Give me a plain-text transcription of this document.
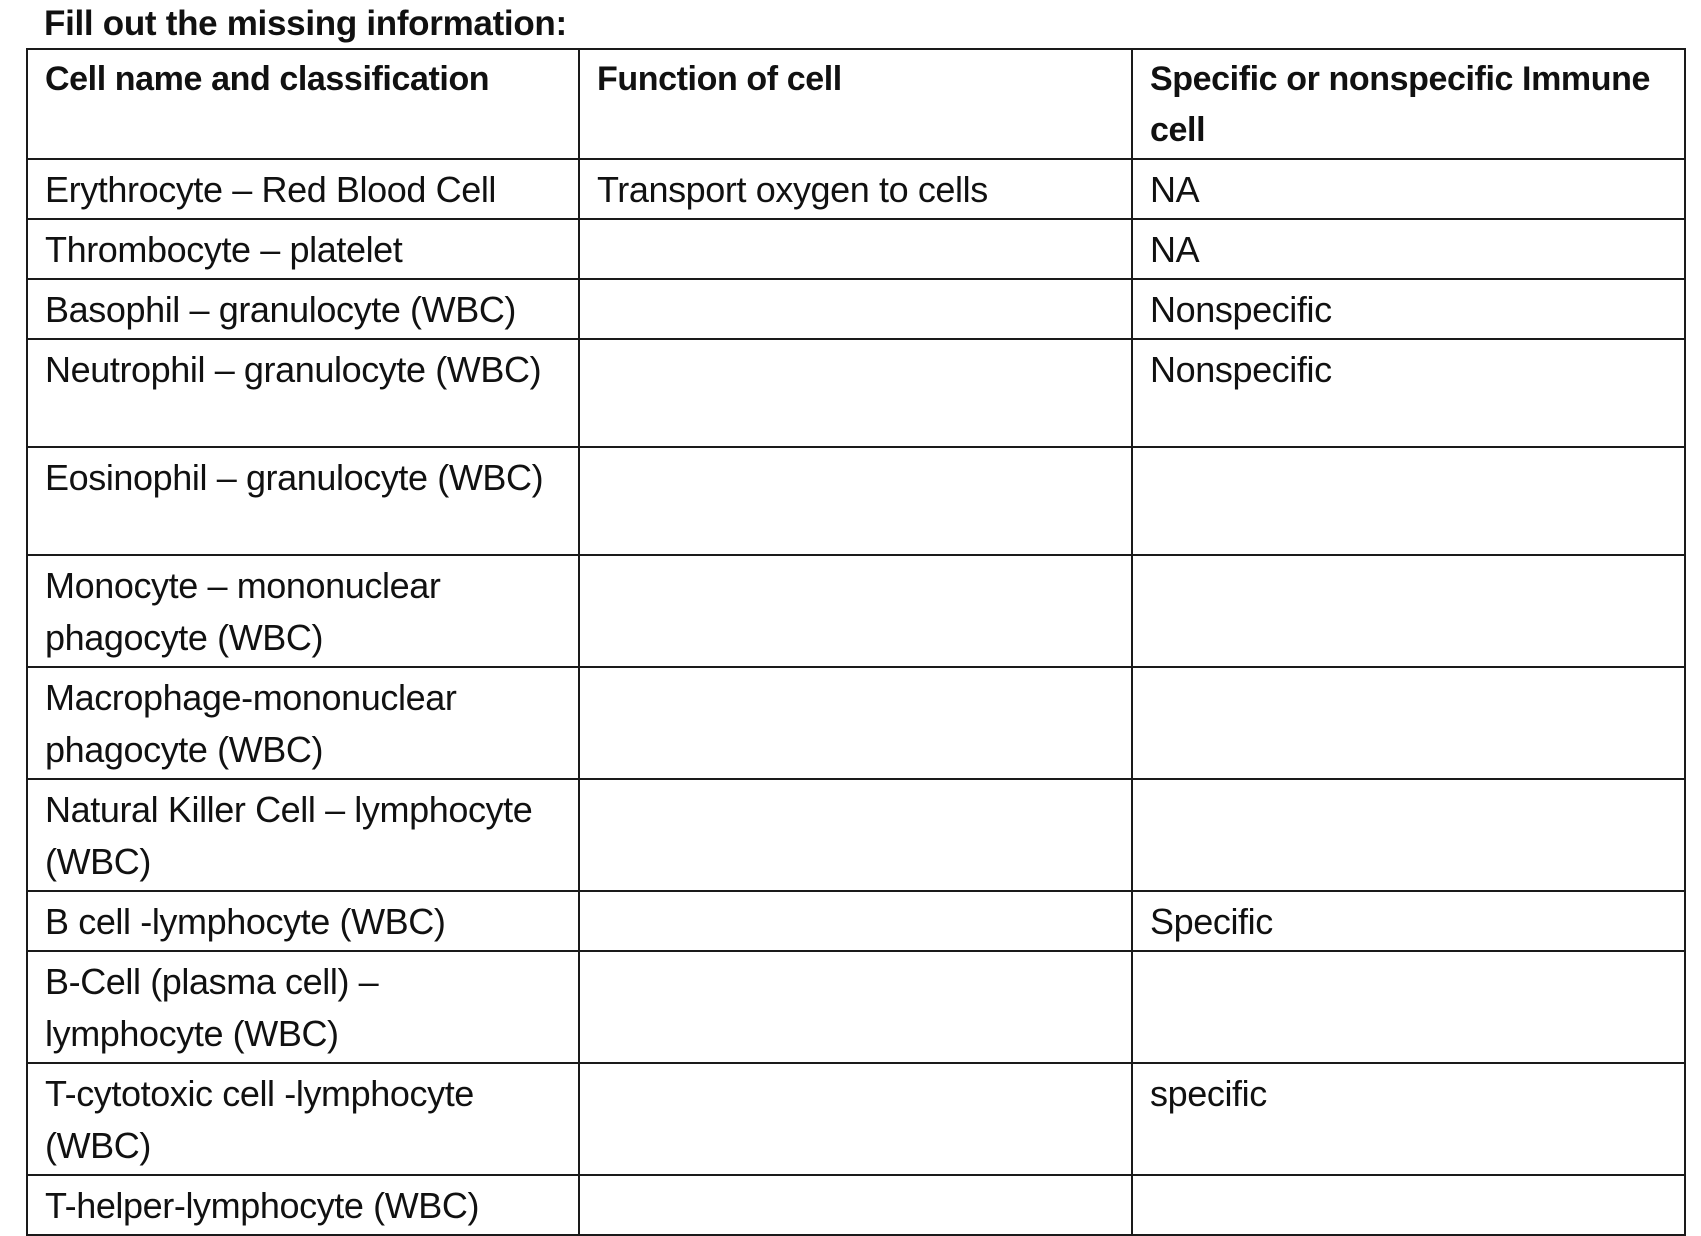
Fill out the missing information:
Cell name and classification	Function of cell	Specific or nonspecific Immune cell
Erythrocyte – Red Blood Cell	Transport oxygen to cells	NA
Thrombocyte – platelet		NA
Basophil – granulocyte (WBC)		Nonspecific
Neutrophil – granulocyte (WBC)		Nonspecific
Eosinophil – granulocyte (WBC)		
Monocyte – mononuclear phagocyte (WBC)		
Macrophage-mononuclear phagocyte (WBC)		
Natural Killer Cell – lymphocyte (WBC)		
B cell -lymphocyte (WBC)		Specific
B-Cell (plasma cell) – lymphocyte (WBC)		
T-cytotoxic cell -lymphocyte (WBC)		specific
T-helper-lymphocyte (WBC)		
